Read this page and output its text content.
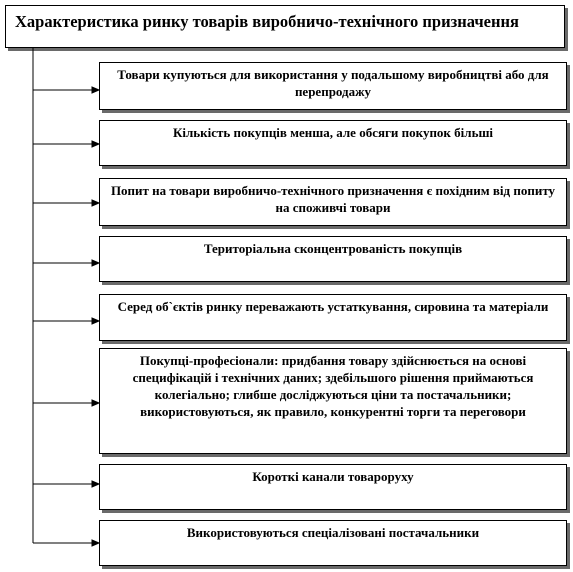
Характеристика ринку товарів виробничо-технічного призначення
Товари купуються для використання у подальшому виробництві або для перепродажу
Кількість покупців менша, але обсяги покупок більші
Попит на товари виробничо-технічного призначення є похідним від попиту на споживчі товари
Територіальна сконцентрованість покупців
Серед об`єктів ринку переважають устаткування, сировина та матеріали
Покупці-професіонали: придбання товару здійснюється на основі специфікацій і технічних даних; здебільшого рішення приймаються колегіально; глибше досліджуються ціни та постачальники; використовуються, як правило, конкурентні торги та переговори
Короткі канали товароруху
Використовуються спеціалізовані постачальники
